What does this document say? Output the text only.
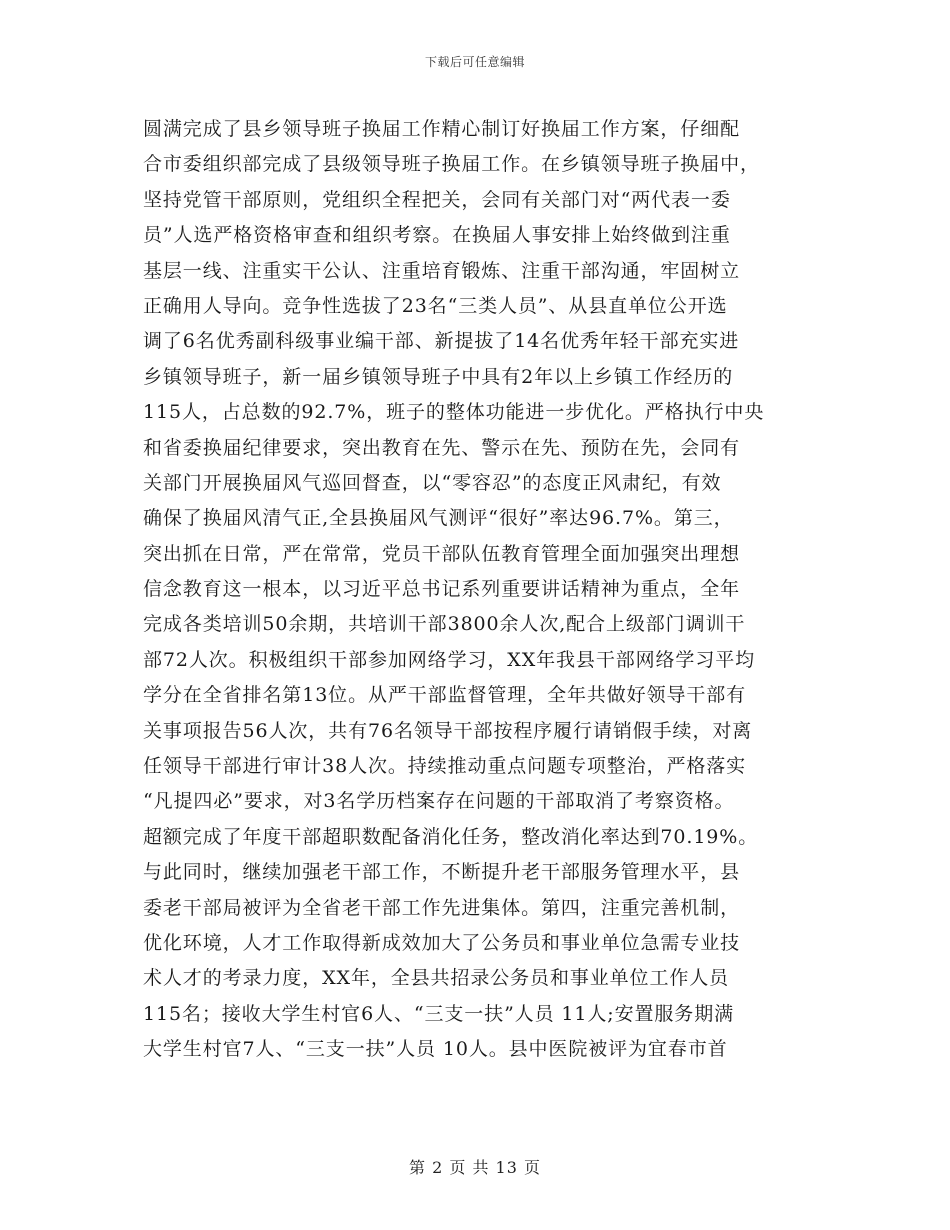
下载后可任意编辑
圆满完成了县乡领导班子换届工作精心制订好换届工作方案，仔细配
合市委组织部完成了县级领导班子换届工作。在乡镇领导班子换届中，
坚持党管干部原则，党组织全程把关，会同有关部门对“两代表一委
员”人选严格资格审查和组织考察。在换届人事安排上始终做到注重
基层一线、注重实干公认、注重培育锻炼、注重干部沟通，牢固树立
正确用人导向。竞争性选拔了23名“三类人员”、从县直单位公开选
调了6名优秀副科级事业编干部、新提拔了14名优秀年轻干部充实进
乡镇领导班子，新一届乡镇领导班子中具有2年以上乡镇工作经历的
115人，占总数的92.7%，班子的整体功能进一步优化。严格执行中央
和省委换届纪律要求，突出教育在先、警示在先、预防在先，会同有
关部门开展换届风气巡回督查，以“零容忍”的态度正风肃纪，有效
确保了换届风清气正,全县换届风气测评“很好”率达96.7%。第三，
突出抓在日常，严在常常，党员干部队伍教育管理全面加强突出理想
信念教育这一根本，以习近平总书记系列重要讲话精神为重点，全年
完成各类培训50余期，共培训干部3800余人次,配合上级部门调训干
部72人次。积极组织干部参加网络学习，XX年我县干部网络学习平均
学分在全省排名第13位。从严干部监督管理，全年共做好领导干部有
关事项报告56人次，共有76名领导干部按程序履行请销假手续，对离
任领导干部进行审计38人次。持续推动重点问题专项整治，严格落实
“凡提四必”要求，对3名学历档案存在问题的干部取消了考察资格。
超额完成了年度干部超职数配备消化任务，整改消化率达到70.19%。
与此同时，继续加强老干部工作，不断提升老干部服务管理水平，县
委老干部局被评为全省老干部工作先进集体。第四，注重完善机制，
优化环境，人才工作取得新成效加大了公务员和事业单位急需专业技
术人才的考录力度，XX年，全县共招录公务员和事业单位工作人员
115名；接收大学生村官6人、“三支一扶”人员 11人;安置服务期满
大学生村官7人、“三支一扶”人员 10人。县中医院被评为宜春市首
第 2 页 共 13 页
